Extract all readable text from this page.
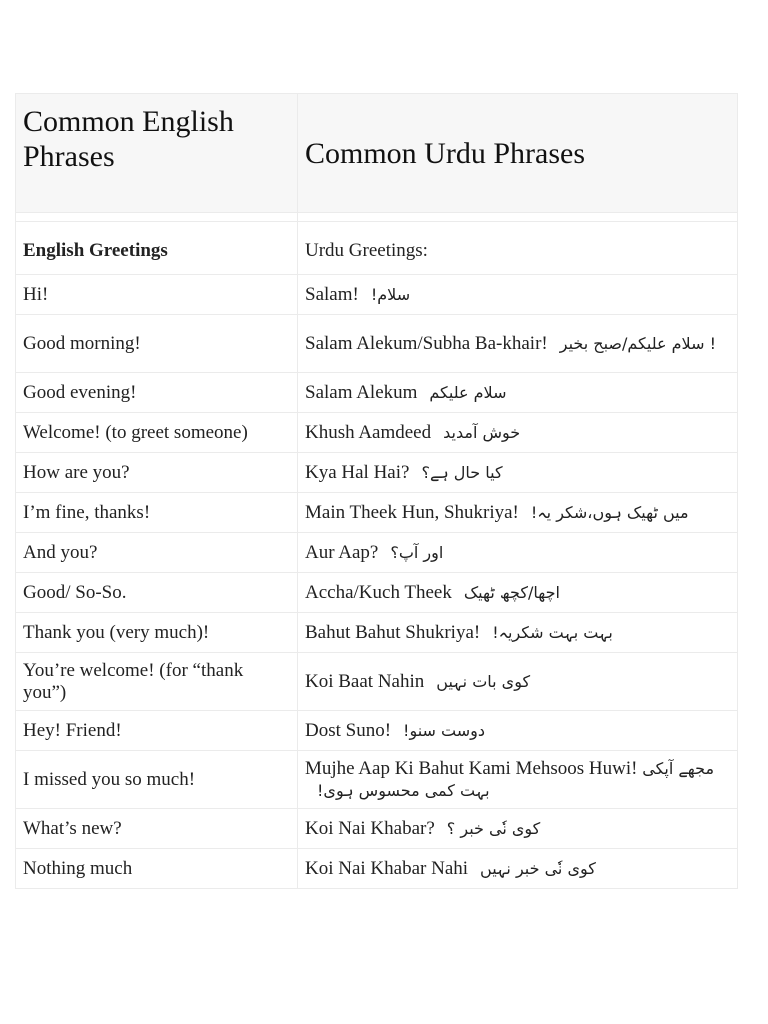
Common English Phrases	Common Urdu Phrases

English Greetings	Urdu Greetings:
Hi!	Salam! سلام!
Good morning!	Salam Alekum/Subha Ba-khair! ! سلام علیکم/صبح بخیر
Good evening!	Salam Alekum سلام علیکم
Welcome! (to greet someone)	Khush Aamdeed خوش آمدید
How are you?	Kya Hal Hai? کیا حال ہے؟
I’m fine, thanks!	Main Theek Hun, Shukriya! میں ٹھیک ہوں،شکر یہ!
And you?	Aur Aap? اور آپ؟
Good/ So-So.	Accha/Kuch Theek اچھا/کچھ ٹھیک
Thank you (very much)!	Bahut Bahut Shukriya! بہت بہت شکریہ!
You’re welcome! (for “thank you”)	Koi Baat Nahin کوی بات نہیں
Hey! Friend!	Dost Suno! دوست سنو!
I missed you so much!	Mujhe Aap Ki Bahut Kami Mehsoos Huwi! مجھے آپکی بہت کمی محسوس ہوی!
What’s new?	Koi Nai Khabar? کوی نٗی خبر ؟
Nothing much	Koi Nai Khabar Nahi کوی نٗی خبر نہیں
